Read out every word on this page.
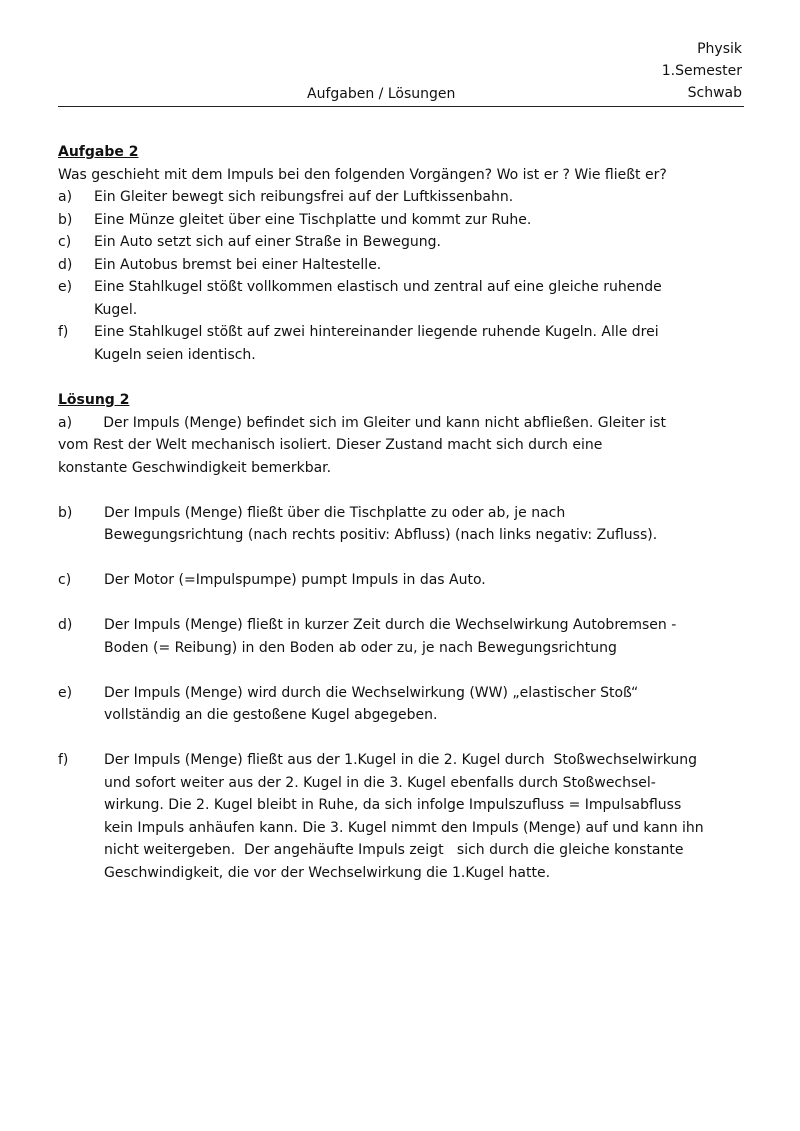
Physik
1.Semester
Schwab
Aufgaben / Lösungen
Aufgabe 2
Was geschieht mit dem Impuls bei den folgenden Vorgängen? Wo ist er ? Wie fließt er?
a)	Ein Gleiter bewegt sich reibungsfrei auf der Luftkissenbahn.
b)	Eine Münze gleitet über eine Tischplatte und kommt zur Ruhe.
c)	Ein Auto setzt sich auf einer Straße in Bewegung.
d)	Ein Autobus bremst bei einer Haltestelle.
e)	Eine Stahlkugel stößt vollkommen elastisch und zentral auf eine gleiche ruhende
Kugel.
f)	Eine Stahlkugel stößt auf zwei hintereinander liegende ruhende Kugeln. Alle drei
Kugeln seien identisch.
Lösung 2
a)       Der Impuls (Menge) befindet sich im Gleiter und kann nicht abfließen. Gleiter ist
vom Rest der Welt mechanisch isoliert. Dieser Zustand macht sich durch eine
konstante Geschwindigkeit bemerkbar.
b)	Der Impuls (Menge) fließt über die Tischplatte zu oder ab, je nach
Bewegungsrichtung (nach rechts positiv: Abfluss) (nach links negativ: Zufluss).
c)	Der Motor (=Impulspumpe) pumpt Impuls in das Auto.
d)	Der Impuls (Menge) fließt in kurzer Zeit durch die Wechselwirkung Autobremsen -
Boden (= Reibung) in den Boden ab oder zu, je nach Bewegungsrichtung
e)	Der Impuls (Menge) wird durch die Wechselwirkung (WW) „elastischer Stoß“
vollständig an die gestoßene Kugel abgegeben.
f)	Der Impuls (Menge) fließt aus der 1.Kugel in die 2. Kugel durch  Stoßwechselwirkung
und sofort weiter aus der 2. Kugel in die 3. Kugel ebenfalls durch Stoßwechsel-
wirkung. Die 2. Kugel bleibt in Ruhe, da sich infolge Impulszufluss = Impulsabfluss
kein Impuls anhäufen kann. Die 3. Kugel nimmt den Impuls (Menge) auf und kann ihn
nicht weitergeben.  Der angehäufte Impuls zeigt   sich durch die gleiche konstante
Geschwindigkeit, die vor der Wechselwirkung die 1.Kugel hatte.
